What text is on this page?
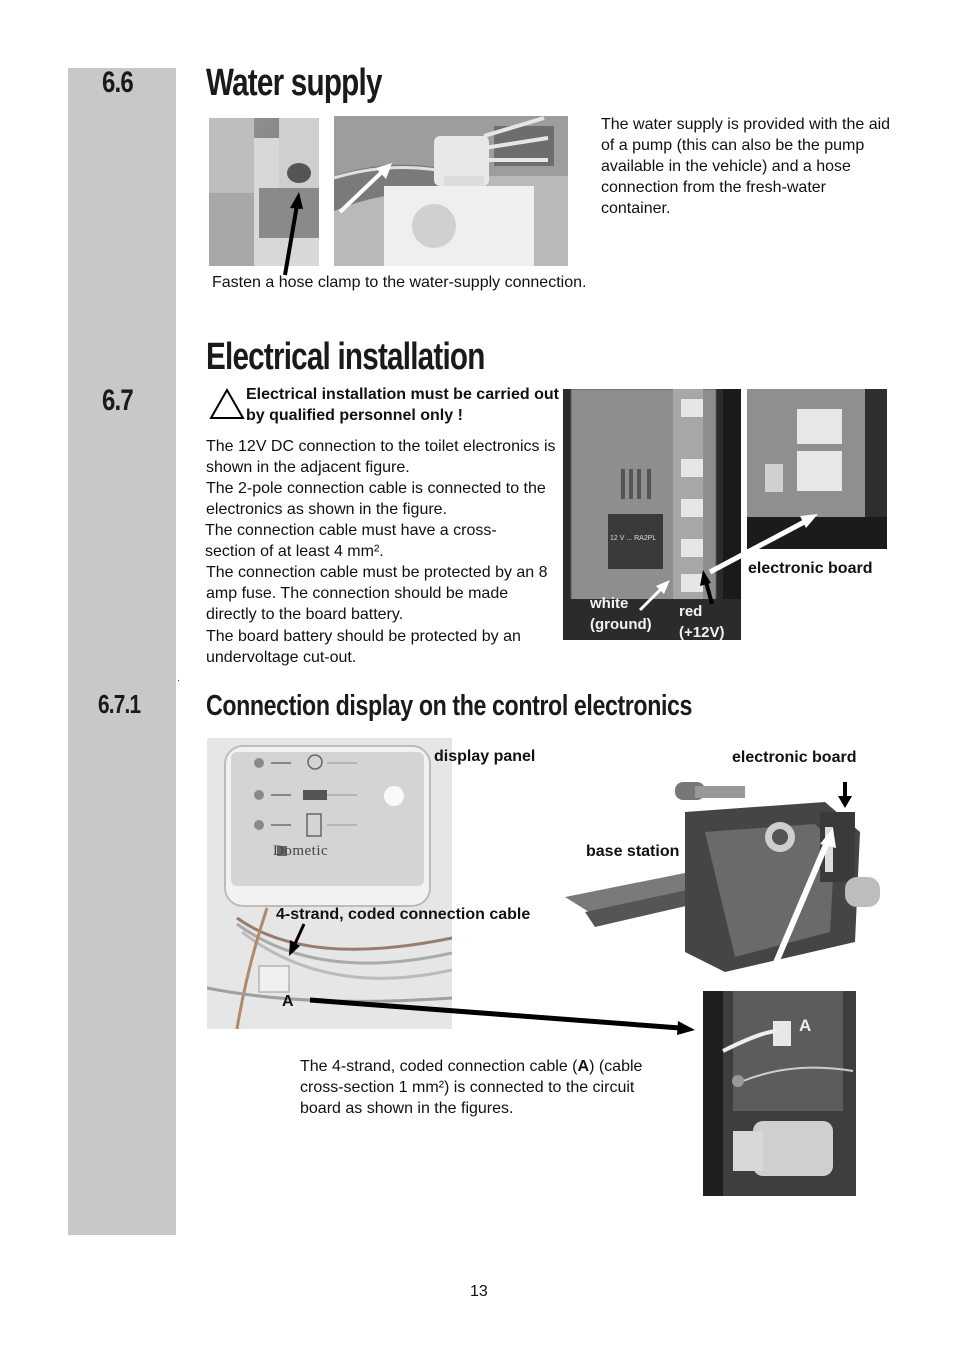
6.6 Water supply
The water supply is provided with the aid of a pump (this can also be the pump available in the vehicle) and a hose connection from the fresh-water container.
Fasten a hose clamp to the water-supply connection.
Electrical installation
6.7	Electrical installation must be carried out by qualified personnel only !
The 12V DC connection to the toilet electronics is shown in the adjacent figure.
The 2-pole connection cable is connected to the electronics as shown in the figure.
The connection cable must have a cross-section of at least 4 mm².
The connection cable must be protected by an 8 amp fuse. The connection should be made directly to the board battery.
The board battery should be protected by an undervoltage cut-out.
12 V ... RA2PL
white
(ground)
red
(+12V)
electronic board
·
6.7.1 Connection display on the control electronics
Dometic
display panel	electronic board
base station
4-strand, coded connection cable
A
A
The 4-strand, coded connection cable (A) (cable cross-section 1 mm²) is connected to the circuit board as shown in the figures.
13
